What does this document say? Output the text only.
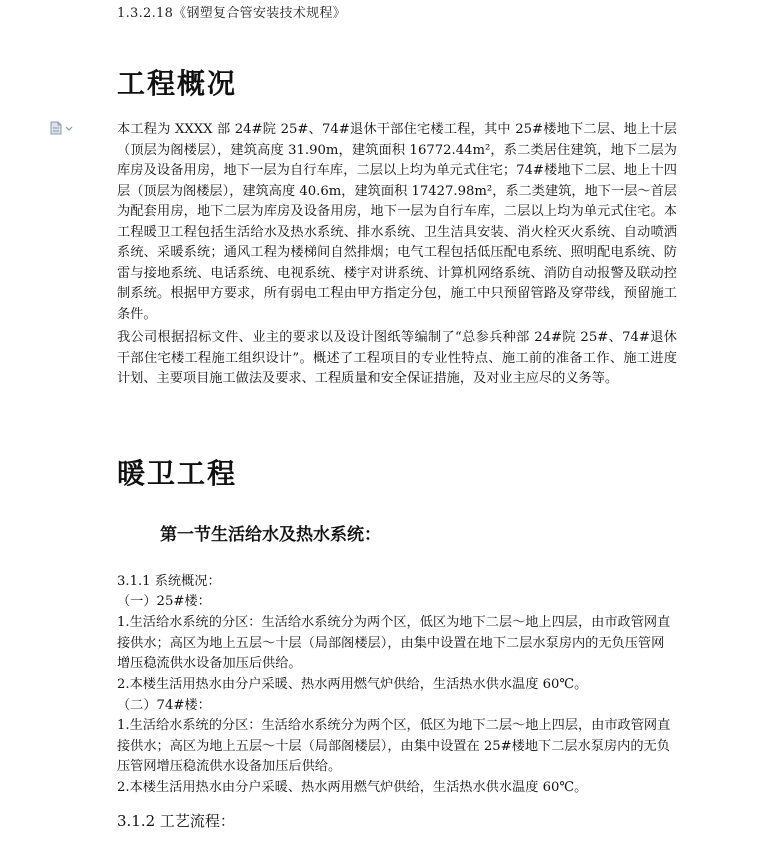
1.3.2.18《钢塑复合管安装技术规程》
工程概况

本工程为 XXXX 部 24#院 25#、74#退休干部住宅楼工程，其中 25#楼地下二层、地上十层（顶层为阁楼层），建筑高度 31.90m，建筑面积 16772.44m²，系二类居住建筑，地下二层为库房及设备用房，地下一层为自行车库，二层以上均为单元式住宅；74#楼地下二层、地上十四层（顶层为阁楼层），建筑高度 40.6m，建筑面积 17427.98m²，系二类建筑，地下一层～首层为配套用房，地下二层为库房及设备用房，地下一层为自行车库，二层以上均为单元式住宅。本工程暖卫工程包括生活给水及热水系统、排水系统、卫生洁具安装、消火栓灭火系统、自动喷洒系统、采暖系统；通风工程为楼梯间自然排烟；电气工程包括低压配电系统、照明配电系统、防雷与接地系统、电话系统、电视系统、楼宇对讲系统、计算机网络系统、消防自动报警及联动控制系统。根据甲方要求，所有弱电工程由甲方指定分包，施工中只预留管路及穿带线，预留施工条件。

我公司根据招标文件、业主的要求以及设计图纸等编制了“总参兵种部 24#院 25#、74#退休干部住宅楼工程施工组织设计”。概述了工程项目的专业性特点、施工前的准备工作、施工进度计划、主要项目施工做法及要求、工程质量和安全保证措施，及对业主应尽的义务等。

暖卫工程
第一节生活给水及热水系统：

3.1.1 系统概况：

（一）25#楼：

1.生活给水系统的分区：生活给水系统分为两个区，低区为地下二层～地上四层，由市政管网直接供水；高区为地上五层～十层（局部阁楼层），由集中设置在地下二层水泵房内的无负压管网增压稳流供水设备加压后供给。

2.本楼生活用热水由分户采暖、热水两用燃气炉供给，生活热水供水温度 60℃。

（二）74#楼：

1.生活给水系统的分区：生活给水系统分为两个区，低区为地下二层～地上四层，由市政管网直接供水；高区为地上五层～十层（局部阁楼层），由集中设置在 25#楼地下二层水泵房内的无负压管网增压稳流供水设备加压后供给。

2.本楼生活用热水由分户采暖、热水两用燃气炉供给，生活热水供水温度 60℃。

3.1.2 工艺流程：
